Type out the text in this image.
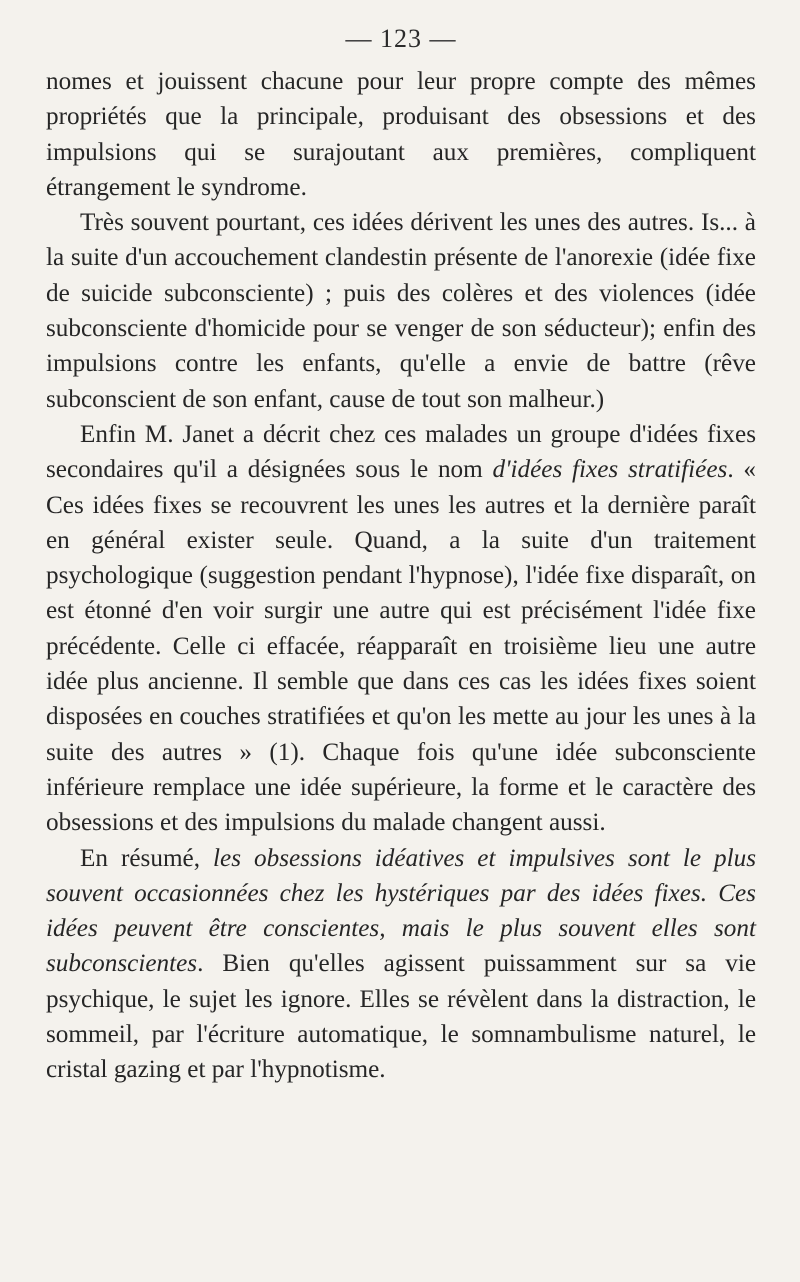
— 123 —

nomes et jouissent chacune pour leur propre compte des mêmes propriétés que la principale, produisant des obsessions et des impulsions qui se surajoutant aux premières, compliquent étrangement le syndrome.

Très souvent pourtant, ces idées dérivent les unes des autres. Is... à la suite d'un accouchement clandestin présente de l'anorexie (idée fixe de suicide subconsciente) ; puis des colères et des violences (idée subconsciente d'homicide pour se venger de son séducteur); enfin des impulsions contre les enfants, qu'elle a envie de battre (rêve subconscient de son enfant, cause de tout son malheur.)

Enfin M. Janet a décrit chez ces malades un groupe d'idées fixes secondaires qu'il a désignées sous le nom d'idées fixes stratifiées. « Ces idées fixes se recouvrent les unes les autres et la dernière paraît en général exister seule. Quand, a la suite d'un traitement psychologique (suggestion pendant l'hypnose), l'idée fixe disparaît, on est étonné d'en voir surgir une autre qui est précisément l'idée fixe précédente. Celle ci effacée, réapparaît en troisième lieu une autre idée plus ancienne. Il semble que dans ces cas les idées fixes soient disposées en couches stratifiées et qu'on les mette au jour les unes à la suite des autres » (1). Chaque fois qu'une idée subconsciente inférieure remplace une idée supérieure, la forme et le caractère des obsessions et des impulsions du malade changent aussi.

En résumé, les obsessions idéatives et impulsives sont le plus souvent occasionnées chez les hystériques par des idées fixes. Ces idées peuvent être conscientes, mais le plus souvent elles sont subconscientes. Bien qu'elles agissent puissamment sur sa vie psychique, le sujet les ignore. Elles se révèlent dans la distraction, le sommeil, par l'écriture automatique, le somnambulisme naturel, le cristal gazing et par l'hypnotisme.
